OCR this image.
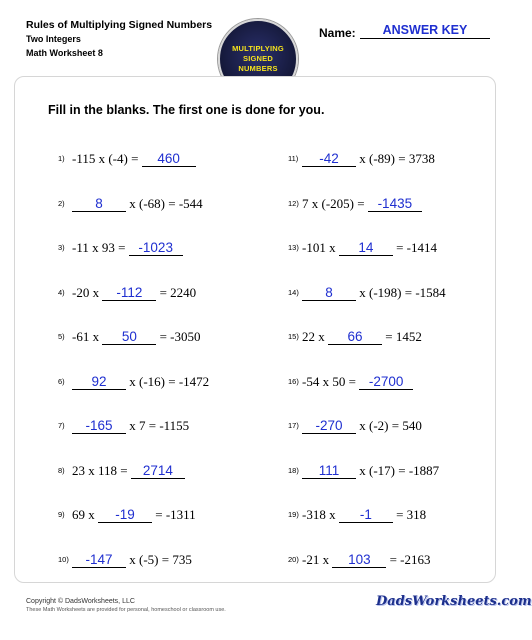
Rules of Multiplying Signed Numbers
Two Integers
Math Worksheet 8	MULTIPLYING
SIGNED
NUMBERS
Name:	ANSWER KEY
Fill in the blanks. The first one is done for you.
1) -115 x (-4) = 460
2) 8 x (-68) = -544
3) -11 x 93 = -1023
4) -20 x -112 = 2240
5) -61 x 50 = -3050
6) 92 x (-16) = -1472
7) -165 x 7 = -1155
8) 23 x 118 = 2714
9) 69 x -19 = -1311
10) -147 x (-5) = 735
11) -42 x (-89) = 3738
12) 7 x (-205) = -1435
13) -101 x 14 = -1414
14) 8 x (-198) = -1584
15) 22 x 66 = 1452
16) -54 x 50 = -2700
17) -270 x (-2) = 540
18) 111 x (-17) = -1887
19) -318 x -1 = 318
20) -21 x 103 = -2163
Copyright © DadsWorksheets, LLC
These Math Worksheets are provided for personal, homeschool or classroom use.
DadsWorksheets.com
